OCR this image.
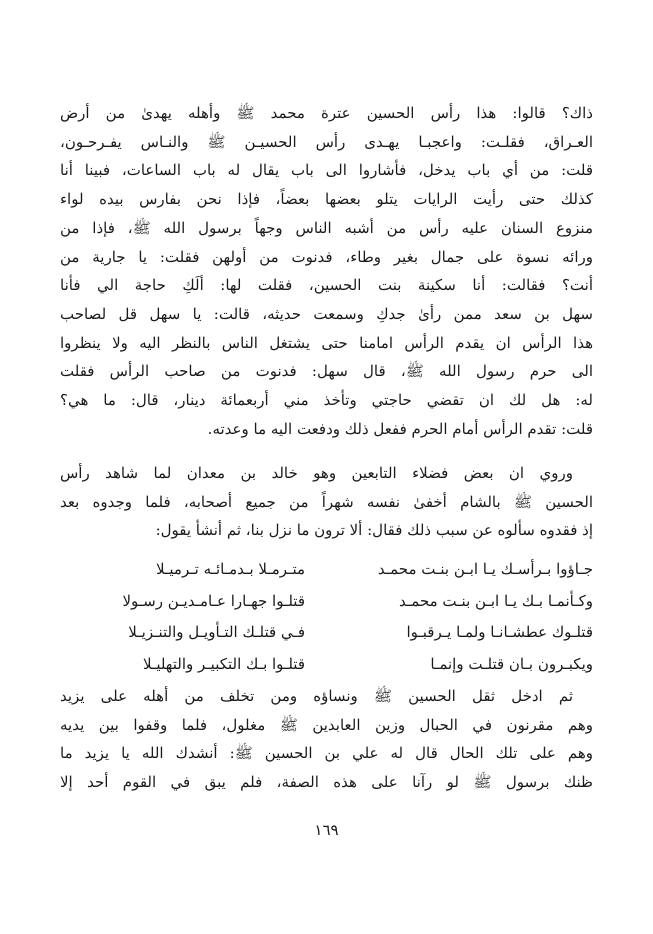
ذاك؟ قالوا: هذا رأس الحسين عترة محمد ﷺ وأهله يهدىٰ من أرض
العـراق، فقلـت: واعجبـا يهـدى رأس الحسيـن ﷺ والنـاس يفـرحـون،
قلت: من أي باب يدخل، فأشاروا الى باب يقال له باب الساعات، فبينا أنا
كذلك حتى رأيت الرايات يتلو بعضها بعضاً، فإذا نحن بفارس بيده لواء
منزوع السنان عليه رأس من أشبه الناس وجهاً برسول الله ﷺ، فإذا من
ورائه نسوة على جمال بغير وطاء، فدنوت من أولهن فقلت: يا جارية من
أنت؟ فقالت: أنا سكينة بنت الحسين، فقلت لها: ألَكِ حاجة الي فأنا
سهل بن سعد ممن رأىٰ جدكِ وسمعت حديثه، قالت: يا سهل قل لصاحب
هذا الرأس ان يقدم الرأس امامنا حتى يشتغل الناس بالنظر اليه ولا ينظروا
الى حرم رسول الله ﷺ، قال سهل: فدنوت من صاحب الرأس فقلت
له: هل لك ان تقضي حاجتي وتأخذ مني أربعمائة دينار، قال: ما هي؟
قلت: تقدم الرأس أمام الحرم ففعل ذلك ودفعت اليه ما وعدته.
وروي ان بعض فضلاء التابعين وهو خالد بن معدان لما شاهد رأس
الحسين ﷺ بالشام أخفىٰ نفسه شهراً من جميع أصحابه، فلما وجدوه بعد
إذ فقدوه سألوه عن سبب ذلك فقال: ألا ترون ما نزل بنا، ثم أنشأ يقول:
جـاؤوا بـرأسـك يـا ابـن بنـت محمـد
متـرمـلا بـدمـائـه تـرميـلا
وكـأنمـا بـك يـا ابـن بنـت محمـد
قتلـوا جهـارا عـامـديـن رسـولا
قتلـوك عطشـانـا ولمـا يـرقبـوا
فـي قتلـك التـأويـل والتنـزيـلا
ويكبـرون بـان قتلـت وإنمـا
قتلـوا بـك التكبيـر والتهليـلا
ثم ادخل ثقل الحسين ﷺ ونساؤه ومن تخلف من أهله على يزيد
وهم مقرنون في الحبال وزين العابدين ﷺ مغلول، فلما وقفوا بين يديه
وهم على تلك الحال قال له علي بن الحسين ﷺ: أنشدك الله يا يزيد ما
ظنك برسول ﷺ لو رآنا على هذه الصفة، فلم يبق في القوم أحد إلا
١٦٩
